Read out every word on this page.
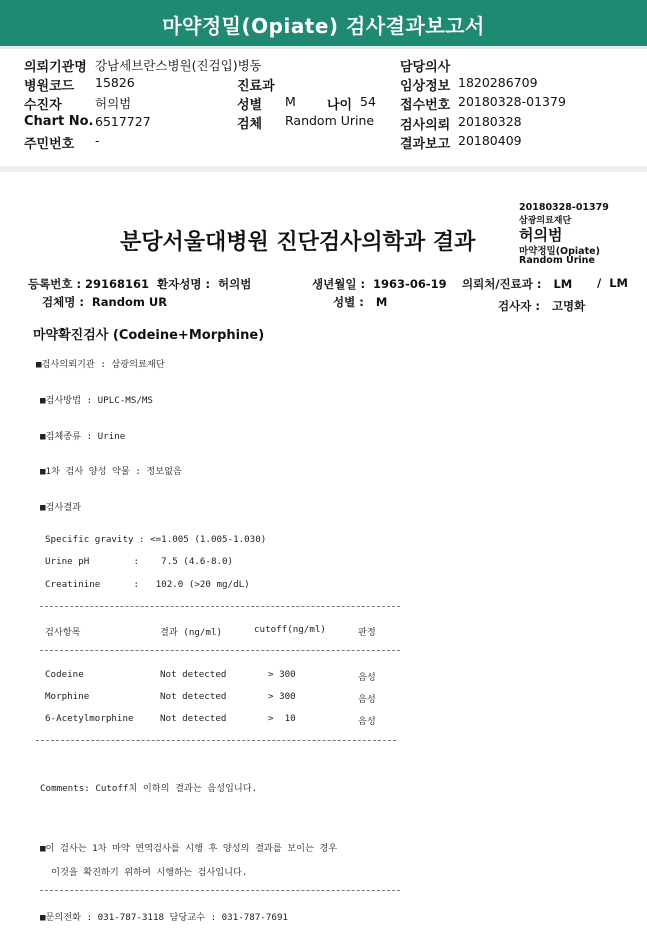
마약정밀(Opiate) 검사결과보고서
의뢰기관명 강남세브란스병원(진검입)병동	담당의사
병원코드 15826	진료과	임상정보 1820286709
수진자	허의범	성별 M 나이 54 접수번호 20180328-01379
Chart No. 6517727	검체 Random Urine 검사의뢰 20180328
주민번호 -	결과보고 20180409
20180328-01379
삼광의료재단
허의범
마약정밀(Opiate)
Random Urine
분당서울대병원 진단검사의학과 결과
등록번호 : 29168161 환자성명 :  허의범	생년월일 :  1963-06-19 의뢰처/진료과 :   LM /  LM
검체명 :  Random UR	성별 :   M	검사자 :   고명화
마약확진검사 (Codeine+Morphine)
■검사의뢰기관 : 삼광의료재단
■검사방법 : UPLC-MS/MS
■검체종류 : Urine
■1차 검사 양성 약물 : 정보없음
■검사결과
Specific gravity : <=1.005 (1.005-1.030)
Urine pH        :    7.5 (4.6-8.0)
Creatinine      :   102.0 (>20 mg/dL)
검사항목	결과 (ng/ml)	cutoff(ng/ml)	판정
Codeine	Not detected	> 300	음성
Morphine	Not detected	> 300	음성
6-Acetylmorphine	Not detected	>  10	음성
Comments: Cutoff치 이하의 결과는 음성입니다.
■이 검사는 1차 마약 면역검사를 시행 후 양성의 결과를 보이는 경우
이것을 확진하기 위하여 시행하는 검사입니다.
■문의전화 : 031-787-3118 담당교수 : 031-787-7691
